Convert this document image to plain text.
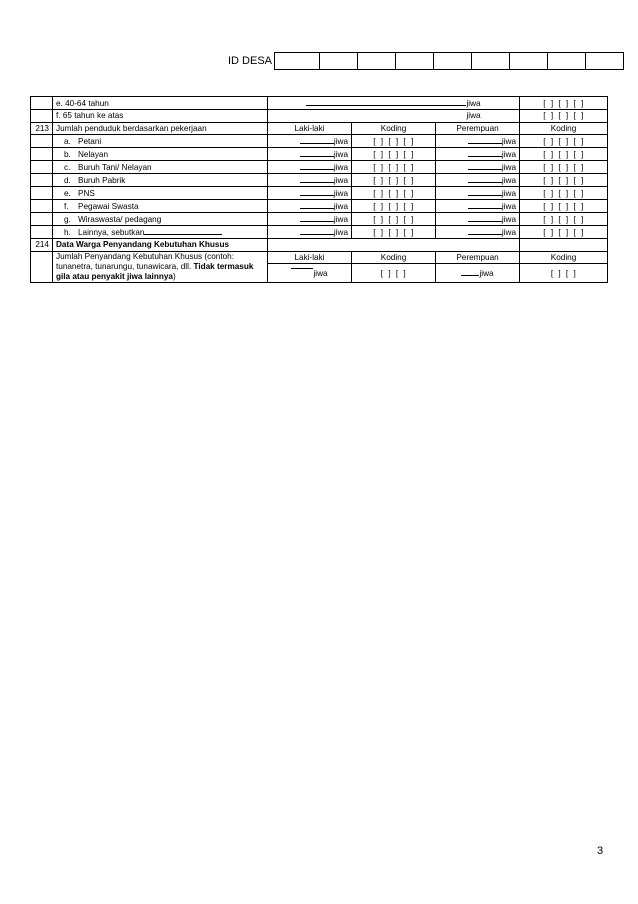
ID DESA
	e. 40-64 tahun	jiwa			[ ] [ ] [ ]
	f. 65 tahun ke atas	jiwa			[ ] [ ] [ ]
213	Jumlah penduduk berdasarkan pekerjaan	Laki-laki	Koding	Perempuan	Koding
	a. Petani	jiwa	[ ] [ ] [ ]	jiwa	[ ] [ ] [ ]
	b. Nelayan	jiwa	[ ] [ ] [ ]	jiwa	[ ] [ ] [ ]
	c. Buruh Tani/ Nelayan	jiwa	[ ] [ ] [ ]	jiwa	[ ] [ ] [ ]
	d. Buruh Pabrik	jiwa	[ ] [ ] [ ]	jiwa	[ ] [ ] [ ]
	e. PNS	jiwa	[ ] [ ] [ ]	jiwa	[ ] [ ] [ ]
	f. Pegawai Swasta	jiwa	[ ] [ ] [ ]	jiwa	[ ] [ ] [ ]
	g. Wiraswasta/ pedagang	jiwa	[ ] [ ] [ ]	jiwa	[ ] [ ] [ ]
	h. Lainnya, sebutkan	jiwa	[ ] [ ] [ ]	jiwa	[ ] [ ] [ ]
214	Data Warga Penyandang Kebutuhan Khusus				
	Jumlah Penyandang Kebutuhan Khusus (contoh: tunanetra, tunarungu, tunawicara, dll. Tidak termasuk gila atau penyakit jiwa lainnya)	Laki-laki	Koding	Perempuan	Koding
		jiwa	[ ] [ ]	jiwa	[ ] [ ]
3
